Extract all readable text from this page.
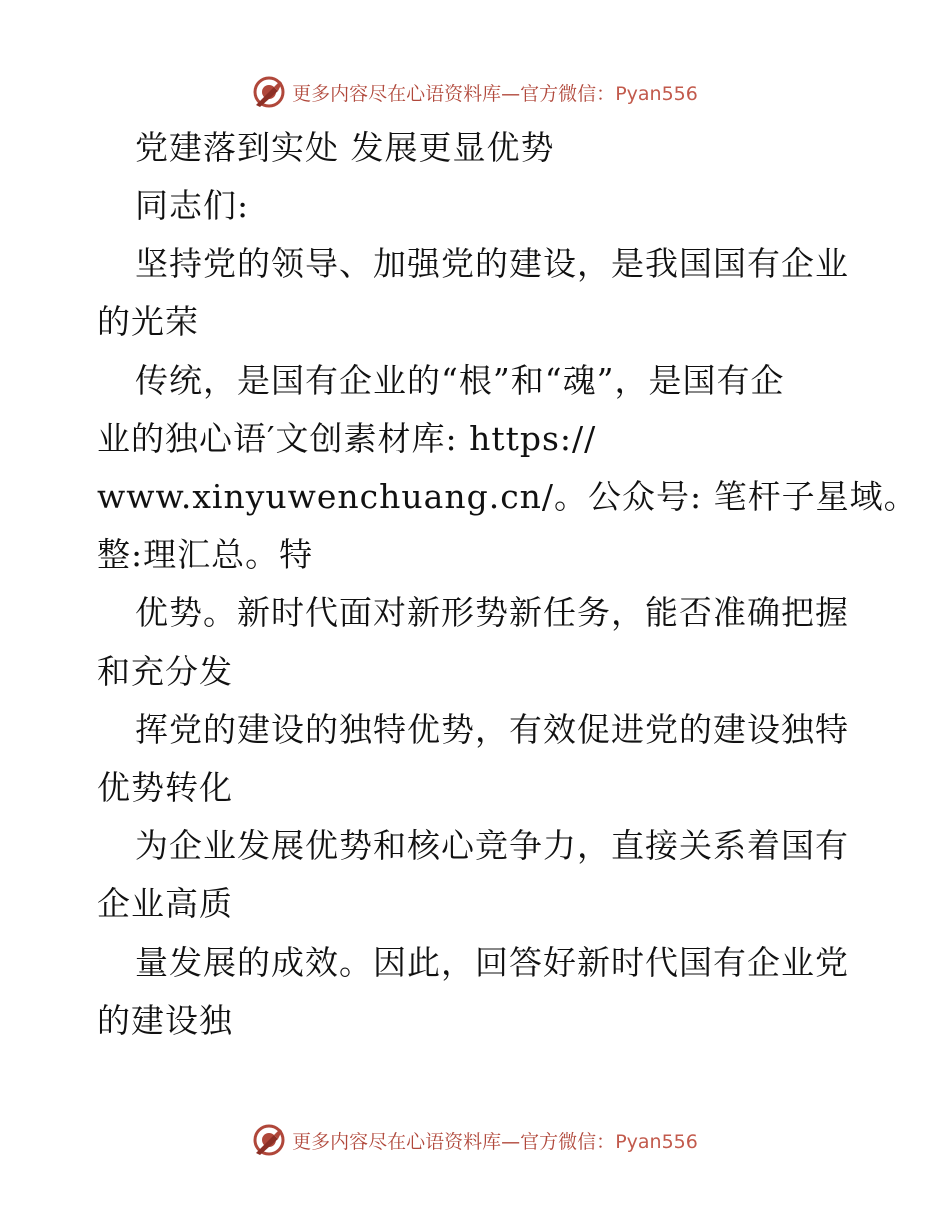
更多内容尽在心语资料库—官方微信：Pyan556
党建落到实处 发展更显优势
同志们:
坚持党的领导、加强党的建设，是我国国有企业
的光荣
传统，是国有企业的“根”和“魂”，是国有企
业的独心语′文创素材库: https://
www.xinyuwenchuang.cn/。公众号: 笔杆子星域。
整:理汇总。特
优势。新时代面对新形势新任务，能否准确把握
和充分发
挥党的建设的独特优势，有效促进党的建设独特
优势转化
为企业发展优势和核心竞争力，直接关系着国有
企业高质
量发展的成效。因此，回答好新时代国有企业党
的建设独
更多内容尽在心语资料库—官方微信：Pyan556
